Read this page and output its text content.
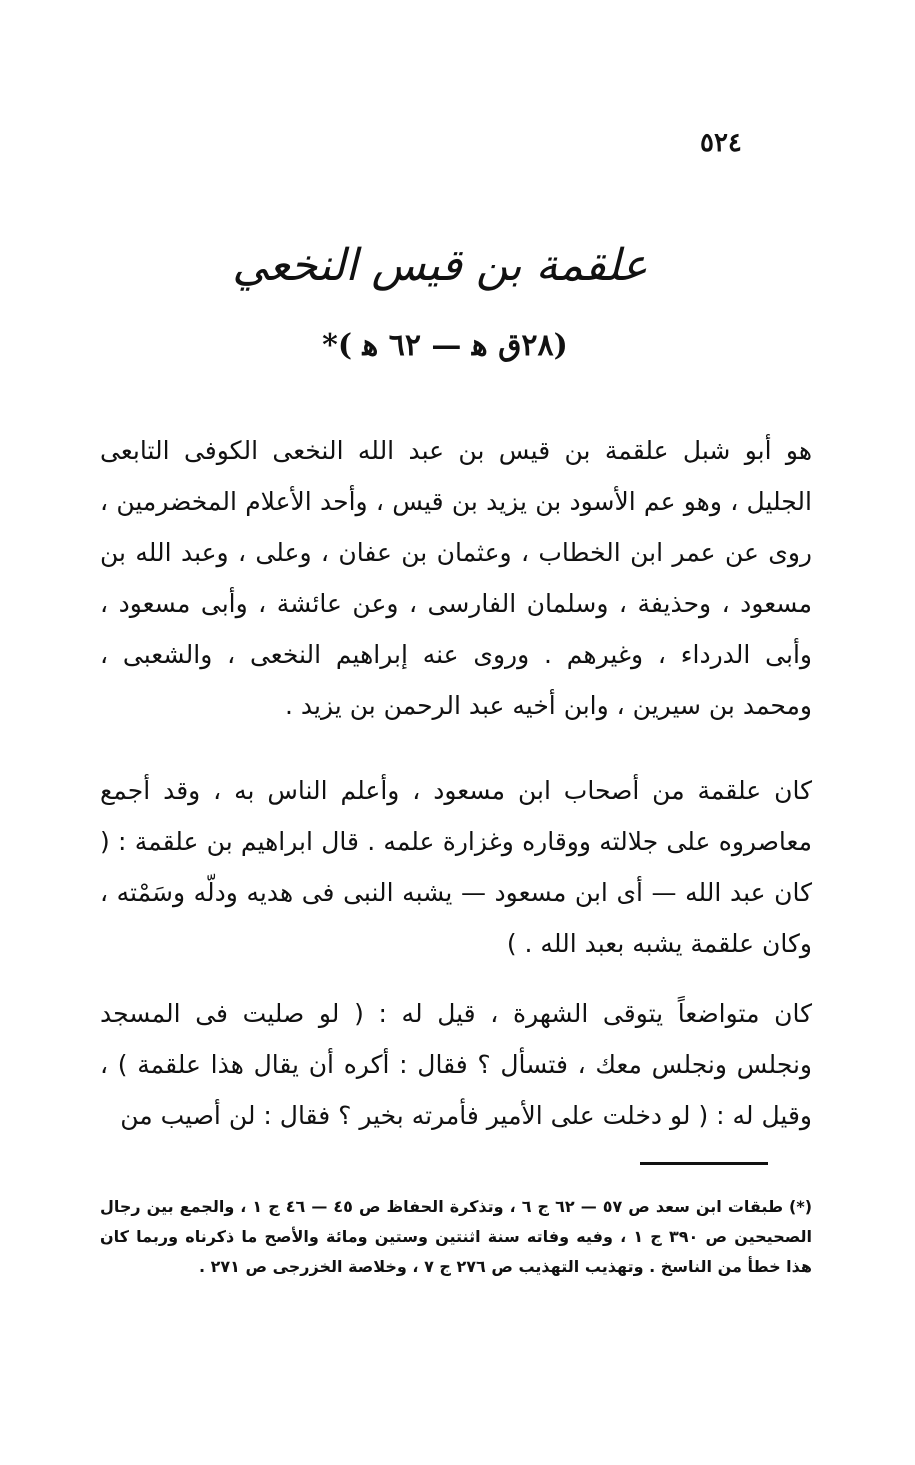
٥٢٤
علقمة بن قيس النخعي
(٢٨ق ﻫ — ٦٢ ﻫ )*
هو أبو شبل علقمة بن قيس بن عبد الله النخعى الكوفى التابعى الجليل ، وهو عم الأسود بن يزيد بن قيس ، وأحد الأعلام المخضرمين ، روى عن عمر ابن الخطاب ، وعثمان بن عفان ، وعلى ، وعبد الله بن مسعود ، وحذيفة ، وسلمان الفارسى ، وعن عائشة ، وأبى مسعود ، وأبى الدرداء ، وغيرهم . وروى عنه إبراهيم النخعى ، والشعبى ، ومحمد بن سيرين ، وابن أخيه عبد الرحمن بن يزيد .
كان علقمة من أصحاب ابن مسعود ، وأعلم الناس به ، وقد أجمع معاصروه على جلالته ووقاره وغزارة علمه . قال ابراهيم بن علقمة : ( كان عبد الله — أى ابن مسعود — يشبه النبى فى هديه ودلّه وسَمْته ، وكان علقمة يشبه بعبد الله . )
كان متواضعاً يتوقى الشهرة ، قيل له : ( لو صليت فى المسجد ونجلس ونجلس معك ، فتسأل ؟ فقال : أكره أن يقال هذا علقمة ) ، وقيل له : ( لو دخلت على الأمير فأمرته بخير ؟ فقال : لن أصيب من
(*) طبقات ابن سعد ص ٥٧ — ٦٢ ج ٦ ، وتذكرة الحفاظ ص ٤٥ — ٤٦ ج ١ ، والجمع بين رجال الصحيحين ص ٣٩٠ ج ١ ، وفيه وفاته سنة اثنتين وستين ومائة والأصح ما ذكرناه وربما كان هذا خطأ من الناسخ . وتهذيب التهذيب ص ٢٧٦ ج ٧ ، وخلاصة الخزرجى ص ٢٧١ .
